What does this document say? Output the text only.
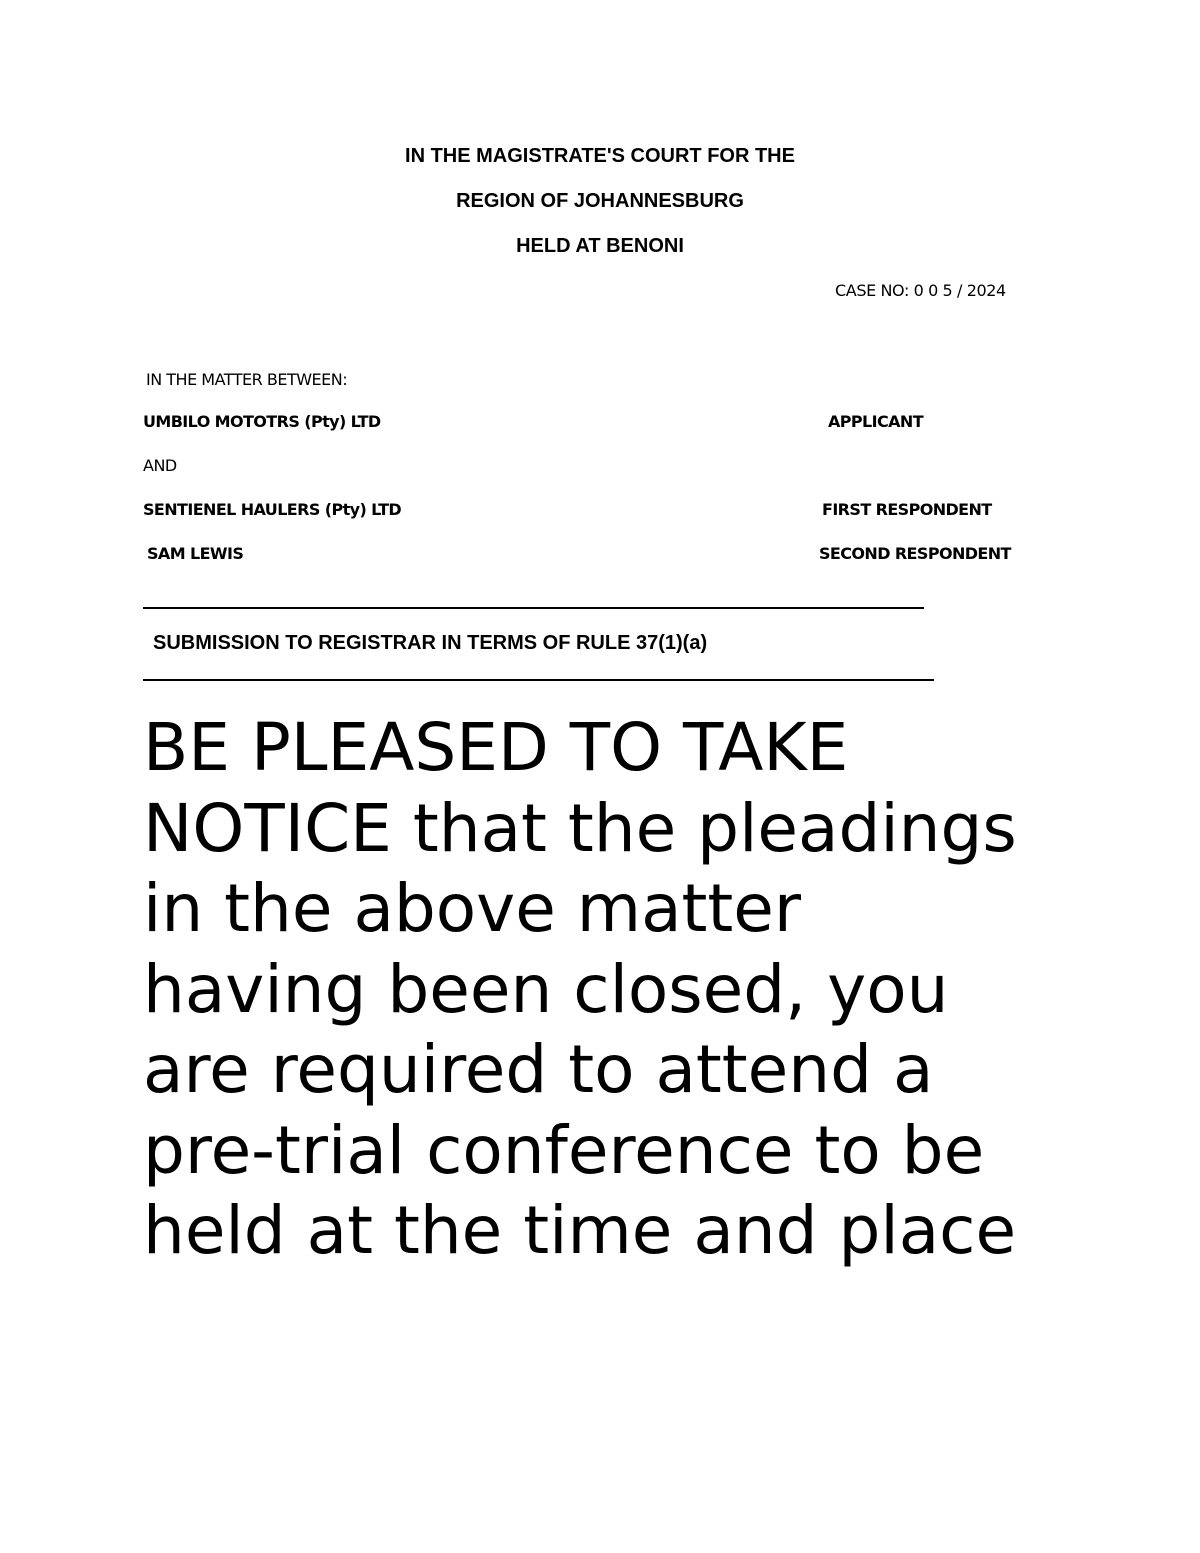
IN THE MAGISTRATE'S COURT FOR THE
REGION OF JOHANNESBURG
HELD AT BENONI
CASE NO: 0 0 5 / 2024
IN THE MATTER BETWEEN:
UMBILO MOTOTRS (Pty) LTD	APPLICANT
AND
SENTIENEL HAULERS (Pty) LTD	FIRST RESPONDENT
SAM LEWIS	SECOND RESPONDENT
SUBMISSION TO REGISTRAR IN TERMS OF RULE 37(1)(a)

BE PLEASED TO TAKE NOTICE that the pleadings in the above matter having been closed, you are required to attend a pre-trial conference to be held at the time and place
